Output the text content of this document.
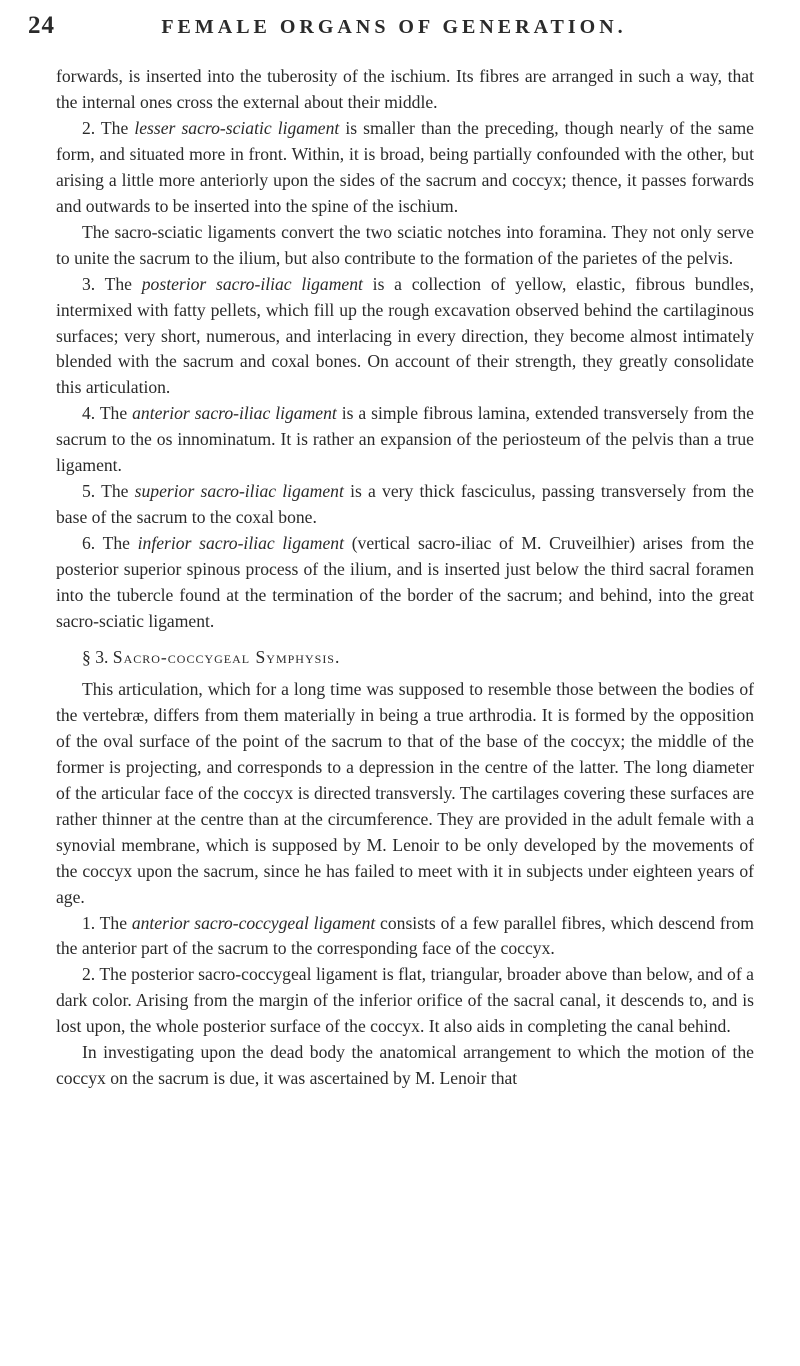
24	FEMALE ORGANS OF GENERATION.

forwards, is inserted into the tuberosity of the ischium. Its fibres are arranged in such a way, that the internal ones cross the external about their middle.

2. The lesser sacro-sciatic ligament is smaller than the preceding, though nearly of the same form, and situated more in front. Within, it is broad, being partially confounded with the other, but arising a little more anteriorly upon the sides of the sacrum and coccyx; thence, it passes forwards and outwards to be inserted into the spine of the ischium.

The sacro-sciatic ligaments convert the two sciatic notches into foramina. They not only serve to unite the sacrum to the ilium, but also contribute to the formation of the parietes of the pelvis.

3. The posterior sacro-iliac ligament is a collection of yellow, elastic, fibrous bundles, intermixed with fatty pellets, which fill up the rough excavation observed behind the cartilaginous surfaces; very short, numerous, and interlacing in every direction, they become almost intimately blended with the sacrum and coxal bones. On account of their strength, they greatly consolidate this articulation.

4. The anterior sacro-iliac ligament is a simple fibrous lamina, extended transversely from the sacrum to the os innominatum. It is rather an expansion of the periosteum of the pelvis than a true ligament.

5. The superior sacro-iliac ligament is a very thick fasciculus, passing transversely from the base of the sacrum to the coxal bone.

6. The inferior sacro-iliac ligament (vertical sacro-iliac of M. Cruveilhier) arises from the posterior superior spinous process of the ilium, and is inserted just below the third sacral foramen into the tubercle found at the termination of the border of the sacrum; and behind, into the great sacro-sciatic ligament.

§ 3. Sacro-coccygeal Symphysis.

This articulation, which for a long time was supposed to resemble those between the bodies of the vertebræ, differs from them materially in being a true arthrodia. It is formed by the opposition of the oval surface of the point of the sacrum to that of the base of the coccyx; the middle of the former is projecting, and corresponds to a depression in the centre of the latter. The long diameter of the articular face of the coccyx is directed transversly. The cartilages covering these surfaces are rather thinner at the centre than at the circumference. They are provided in the adult female with a synovial membrane, which is supposed by M. Lenoir to be only developed by the movements of the coccyx upon the sacrum, since he has failed to meet with it in subjects under eighteen years of age.

1. The anterior sacro-coccygeal ligament consists of a few parallel fibres, which descend from the anterior part of the sacrum to the corresponding face of the coccyx.

2. The posterior sacro-coccygeal ligament is flat, triangular, broader above than below, and of a dark color. Arising from the margin of the inferior orifice of the sacral canal, it descends to, and is lost upon, the whole posterior surface of the coccyx. It also aids in completing the canal behind.

In investigating upon the dead body the anatomical arrangement to which the motion of the coccyx on the sacrum is due, it was ascertained by M. Lenoir that
